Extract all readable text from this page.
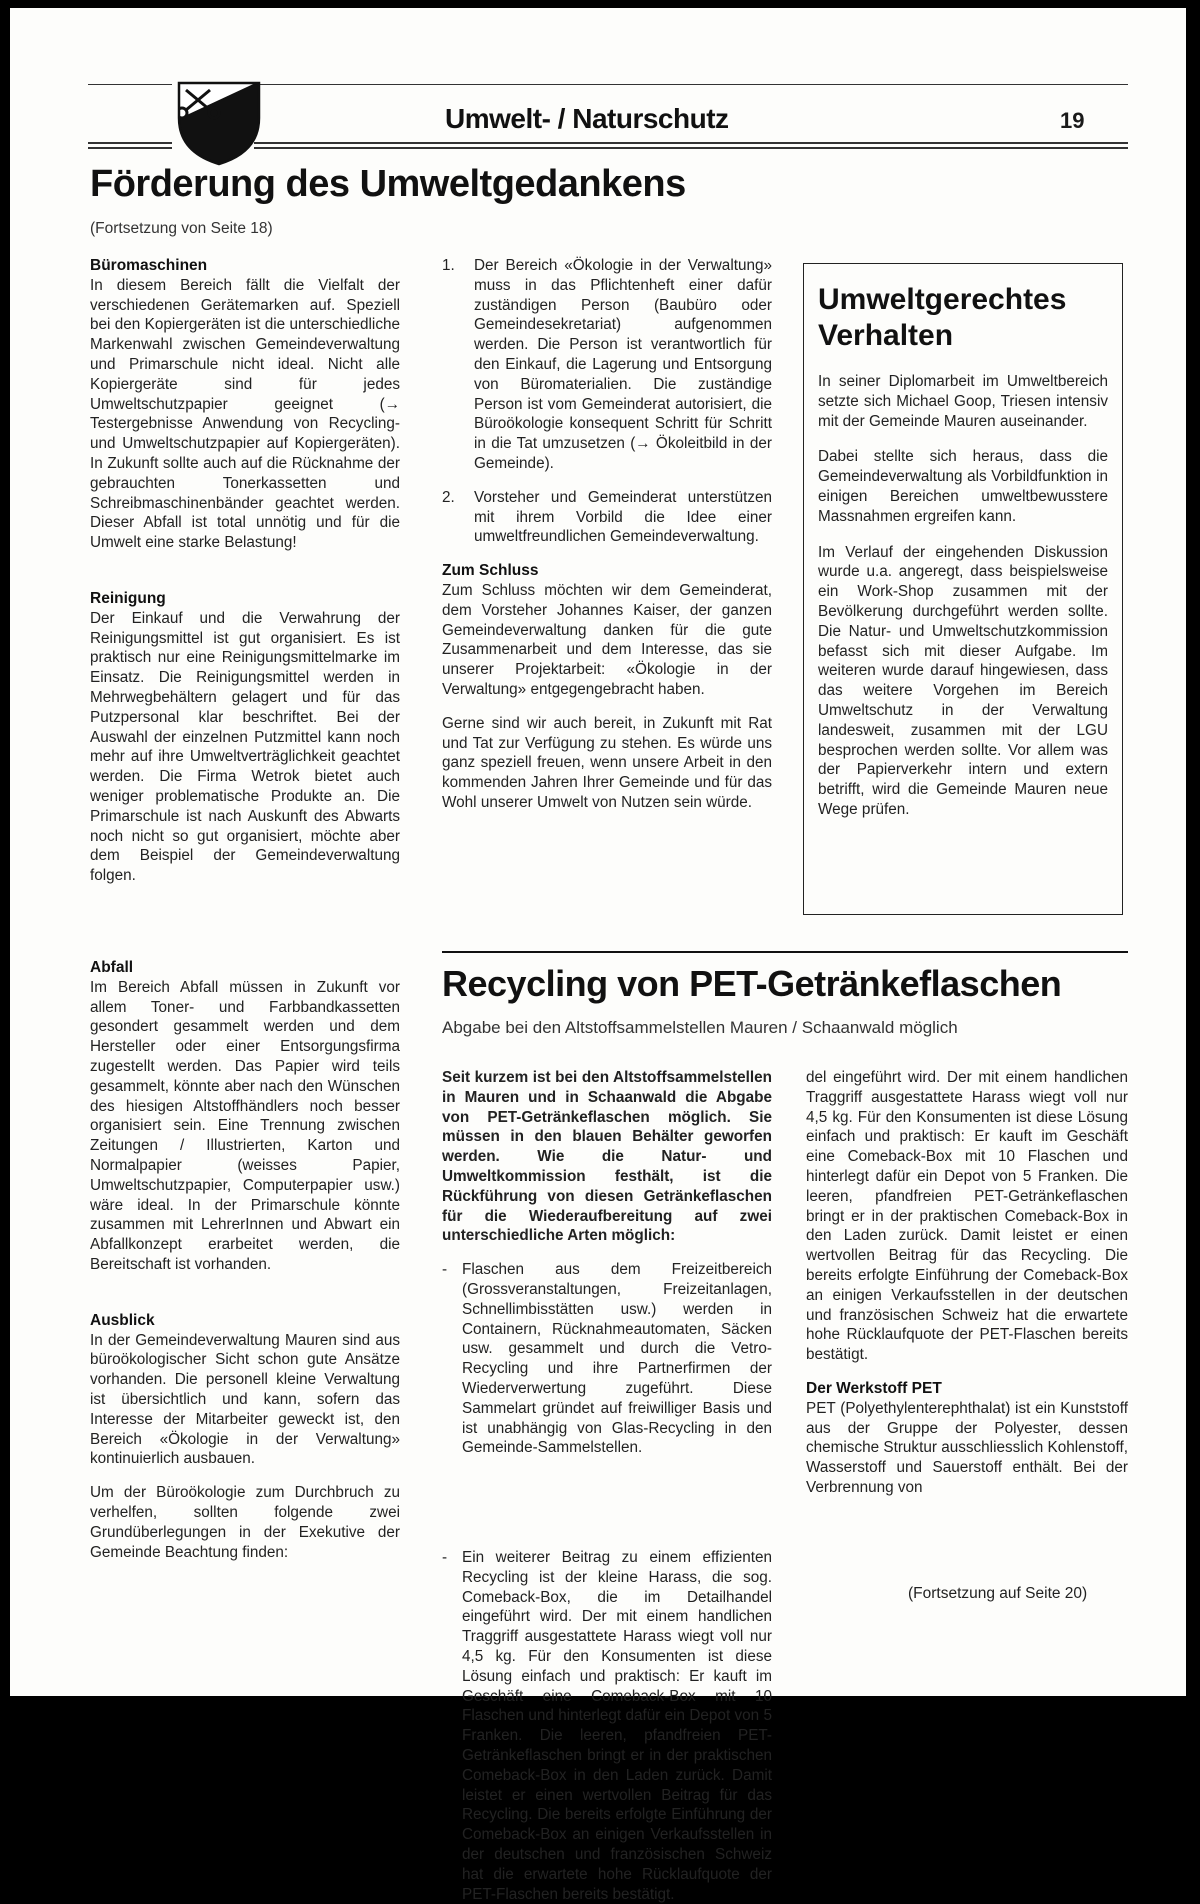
Umwelt- / Naturschutz	19
Förderung des Umweltgedankens
(Fortsetzung von Seite 18)
Büromaschinen

In diesem Bereich fällt die Vielfalt der verschiedenen Gerätemarken auf. Speziell bei den Kopiergeräten ist die unterschiedliche Markenwahl zwischen Gemeindeverwaltung und Primarschule nicht ideal. Nicht alle Kopiergeräte sind für jedes Umweltschutzpapier geeignet (→ Testergebnisse Anwendung von Recycling- und Umweltschutzpapier auf Kopiergeräten). In Zukunft sollte auch auf die Rücknahme der gebrauchten Tonerkassetten und Schreibmaschinenbänder geachtet werden. Dieser Abfall ist total unnötig und für die Umwelt eine starke Belastung!

Reinigung

Der Einkauf und die Verwahrung der Reinigungsmittel ist gut organisiert. Es ist praktisch nur eine Reinigungsmittelmarke im Einsatz. Die Reinigungsmittel werden in Mehrwegbehältern gelagert und für das Putzpersonal klar beschriftet. Bei der Auswahl der einzelnen Putzmittel kann noch mehr auf ihre Umweltverträglichkeit geachtet werden. Die Firma Wetrok bietet auch weniger problematische Produkte an. Die Primarschule ist nach Auskunft des Abwarts noch nicht so gut organisiert, möchte aber dem Beispiel der Gemeindeverwaltung folgen.

Abfall

Im Bereich Abfall müssen in Zukunft vor allem Toner- und Farbbandkassetten gesondert gesammelt werden und dem Hersteller oder einer Entsorgungsfirma zugestellt werden. Das Papier wird teils gesammelt, könnte aber nach den Wünschen des hiesigen Altstoffhändlers noch besser organisiert sein. Eine Trennung zwischen Zeitungen / Illustrierten, Karton und Normalpapier (weisses Papier, Umweltschutzpapier, Computerpapier usw.) wäre ideal. In der Primarschule könnte zusammen mit LehrerInnen und Abwart ein Abfallkonzept erarbeitet werden, die Bereitschaft ist vorhanden.

Ausblick

In der Gemeindeverwaltung Mauren sind aus büroökologischer Sicht schon gute Ansätze vorhanden. Die personell kleine Verwaltung ist übersichtlich und kann, sofern das Interesse der Mitarbeiter geweckt ist, den Bereich «Ökologie in der Verwaltung» kontinuierlich ausbauen.

Um der Büroökologie zum Durchbruch zu verhelfen, sollten folgende zwei Grundüberlegungen in der Exekutive der Gemeinde Beachtung finden:

1. Der Bereich «Ökologie in der Verwaltung» muss in das Pflichtenheft einer dafür zuständigen Person (Baubüro oder Gemeindesekretariat) aufgenommen werden. Die Person ist verantwortlich für den Einkauf, die Lagerung und Entsorgung von Büromaterialien. Die zuständige Person ist vom Gemeinderat autorisiert, die Büroökologie konsequent Schritt für Schritt in die Tat umzusetzen (→ Ökoleitbild in der Gemeinde).
2. Vorsteher und Gemeinderat unterstützen mit ihrem Vorbild die Idee einer umweltfreundlichen Gemeindeverwaltung.
Zum Schluss

Zum Schluss möchten wir dem Gemeinderat, dem Vorsteher Johannes Kaiser, der ganzen Gemeindeverwaltung danken für die gute Zusammenarbeit und dem Interesse, das sie unserer Projektarbeit: «Ökologie in der Verwaltung» entgegengebracht haben.

Gerne sind wir auch bereit, in Zukunft mit Rat und Tat zur Verfügung zu stehen. Es würde uns ganz speziell freuen, wenn unsere Arbeit in den kommenden Jahren Ihrer Gemeinde und für das Wohl unserer Umwelt von Nutzen sein würde.

Umweltgerechtes Verhalten

In seiner Diplomarbeit im Umweltbereich setzte sich Michael Goop, Triesen intensiv mit der Gemeinde Mauren auseinander.

Dabei stellte sich heraus, dass die Gemeindeverwaltung als Vorbildfunktion in einigen Bereichen umweltbewusstere Massnahmen ergreifen kann.

Im Verlauf der eingehenden Diskussion wurde u.a. angeregt, dass beispielsweise ein Work-Shop zusammen mit der Bevölkerung durchgeführt werden sollte. Die Natur- und Umweltschutzkommission befasst sich mit dieser Aufgabe. Im weiteren wurde darauf hingewiesen, dass das weitere Vorgehen im Bereich Umweltschutz in der Verwaltung landesweit, zusammen mit der LGU besprochen werden sollte. Vor allem was der Papierverkehr intern und extern betrifft, wird die Gemeinde Mauren neue Wege prüfen.

Recycling von PET-Getränkeflaschen
Abgabe bei den Altstoffsammelstellen Mauren / Schaanwald möglich

Seit kurzem ist bei den Altstoffsammelstellen in Mauren und in Schaanwald die Abgabe von PET-Getränkeflaschen möglich. Sie müssen in den blauen Behälter geworfen werden. Wie die Natur- und Umweltkommission festhält, ist die Rückführung von diesen Getränkeflaschen für die Wiederaufbereitung auf zwei unterschiedliche Arten möglich:

- Flaschen aus dem Freizeitbereich (Grossveranstaltungen, Freizeitanlagen, Schnellimbisstätten usw.) werden in Containern, Rücknahmeautomaten, Säcken usw. gesammelt und durch die Vetro-Recycling und ihre Partnerfirmen der Wiederverwertung zugeführt. Diese Sammelart gründet auf freiwilliger Basis und ist unabhängig von Glas-Recycling in den Gemeinde-Sammelstellen.
- Ein weiterer Beitrag zu einem effizienten Recycling ist der kleine Harass, die sog. Comeback-Box, die im Detailhandel eingeführt wird. Der mit einem handlichen Traggriff ausgestattete Harass wiegt voll nur 4,5 kg. Für den Konsumenten ist diese Lösung einfach und praktisch: Er kauft im Geschäft eine Comeback-Box mit 10 Flaschen und hinterlegt dafür ein Depot von 5 Franken. Die leeren, pfandfreien PET-Getränkeflaschen bringt er in der praktischen Comeback-Box in den Laden zurück. Damit leistet er einen wertvollen Beitrag für das Recycling. Die bereits erfolgte Einführung der Comeback-Box an einigen Verkaufsstellen in der deutschen und französischen Schweiz hat die erwartete hohe Rücklaufquote der PET-Flaschen bereits bestätigt.

del eingeführt wird. Der mit einem handlichen Traggriff ausgestattete Harass wiegt voll nur 4,5 kg. Für den Konsumenten ist diese Lösung einfach und praktisch: Er kauft im Geschäft eine Comeback-Box mit 10 Flaschen und hinterlegt dafür ein Depot von 5 Franken. Die leeren, pfandfreien PET-Getränkeflaschen bringt er in der praktischen Comeback-Box in den Laden zurück. Damit leistet er einen wertvollen Beitrag für das Recycling. Die bereits erfolgte Einführung der Comeback-Box an einigen Verkaufsstellen in der deutschen und französischen Schweiz hat die erwartete hohe Rücklaufquote der PET-Flaschen bereits bestätigt.

Der Werkstoff PET

PET (Polyethylenterephthalat) ist ein Kunststoff aus der Gruppe der Polyester, dessen chemische Struktur ausschliesslich Kohlenstoff, Wasserstoff und Sauerstoff enthält. Bei der Verbrennung von

(Fortsetzung auf Seite 20)
